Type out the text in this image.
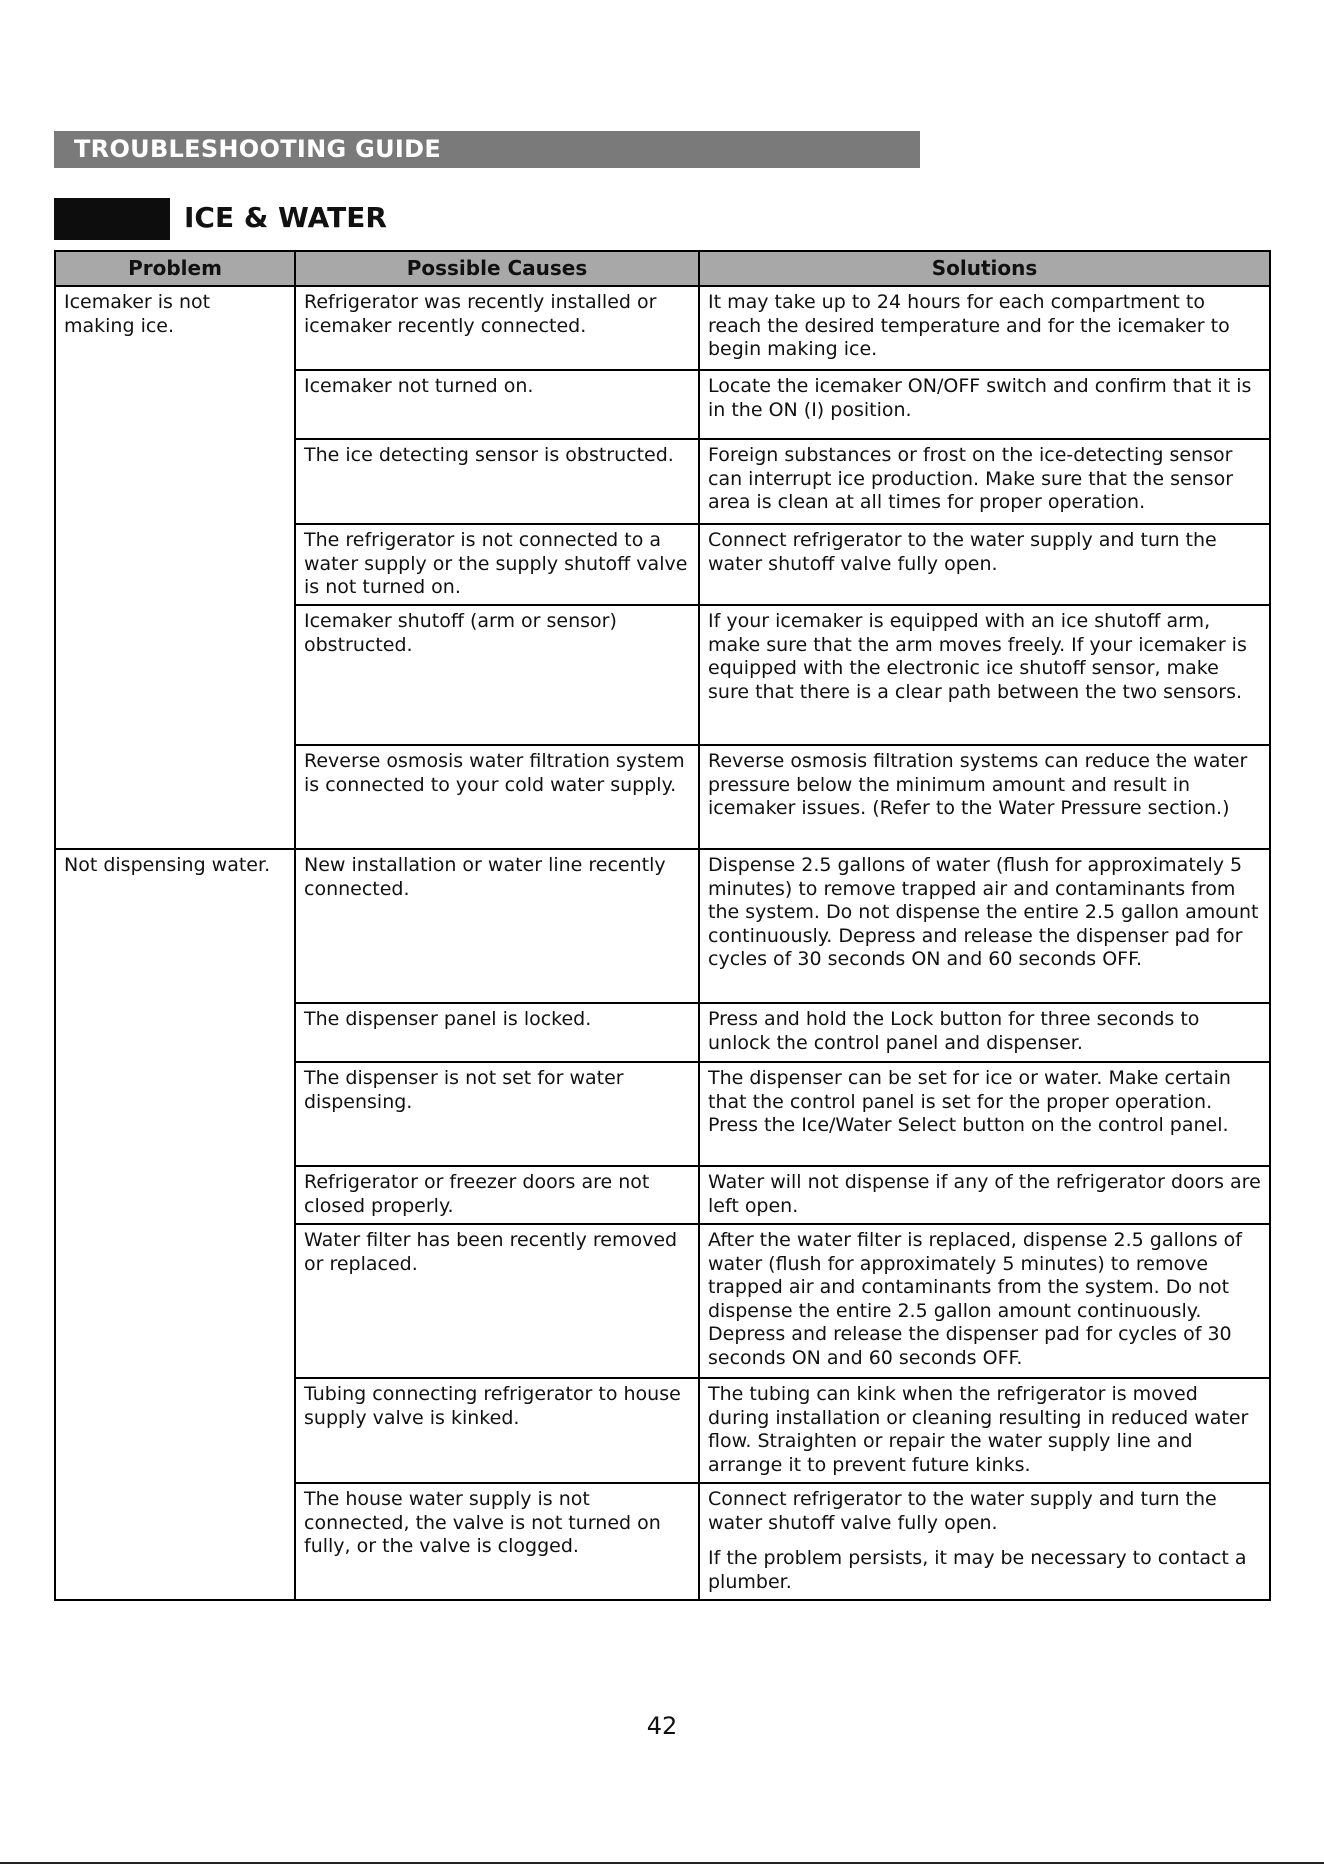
TROUBLESHOOTING GUIDE
ICE & WATER
Problem	Possible Causes	Solutions
Icemaker is not making ice.	Refrigerator was recently installed or icemaker recently connected.	It may take up to 24 hours for each compartment to reach the desired temperature and for the icemaker to begin making ice.
	Icemaker not turned on.	Locate the icemaker ON/OFF switch and confirm that it is in the ON (I) position.
	The ice detecting sensor is obstructed.	Foreign substances or frost on the ice-detecting sensor can interrupt ice production. Make sure that the sensor area is clean at all times for proper operation.
	The refrigerator is not connected to a water supply or the supply shutoff valve is not turned on.	Connect refrigerator to the water supply and turn the water shutoff valve fully open.
	Icemaker shutoff (arm or sensor) obstructed.	If your icemaker is equipped with an ice shutoff arm, make sure that the arm moves freely. If your icemaker is equipped with the electronic ice shutoff sensor, make sure that there is a clear path between the two sensors.
	Reverse osmosis water filtration system is connected to your cold water supply.	Reverse osmosis filtration systems can reduce the water pressure below the minimum amount and result in icemaker issues. (Refer to the Water Pressure section.)
Not dispensing water.	New installation or water line recently connected.	Dispense 2.5 gallons of water (flush for approximately 5 minutes) to remove trapped air and contaminants from the system. Do not dispense the entire 2.5 gallon amount continuously. Depress and release the dispenser pad for cycles of 30 seconds ON and 60 seconds OFF.
	The dispenser panel is locked.	Press and hold the Lock button for three seconds to unlock the control panel and dispenser.
	The dispenser is not set for water dispensing.	The dispenser can be set for ice or water. Make certain that the control panel is set for the proper operation. Press the Ice/Water Select button on the control panel.
	Refrigerator or freezer doors are not closed properly.	Water will not dispense if any of the refrigerator doors are left open.
	Water filter has been recently removed or replaced.	After the water filter is replaced, dispense 2.5 gallons of water (flush for approximately 5 minutes) to remove trapped air and contaminants from the system. Do not dispense the entire 2.5 gallon amount continuously. Depress and release the dispenser pad for cycles of 30 seconds ON and 60 seconds OFF.
	Tubing connecting refrigerator to house supply valve is kinked.	The tubing can kink when the refrigerator is moved during installation or cleaning resulting in reduced water flow. Straighten or repair the water supply line and arrange it to prevent future kinks.
	The house water supply is not connected, the valve is not turned on fully, or the valve is clogged.	Connect refrigerator to the water supply and turn the water shutoff valve fully open.
If the problem persists, it may be necessary to contact a plumber.
42
